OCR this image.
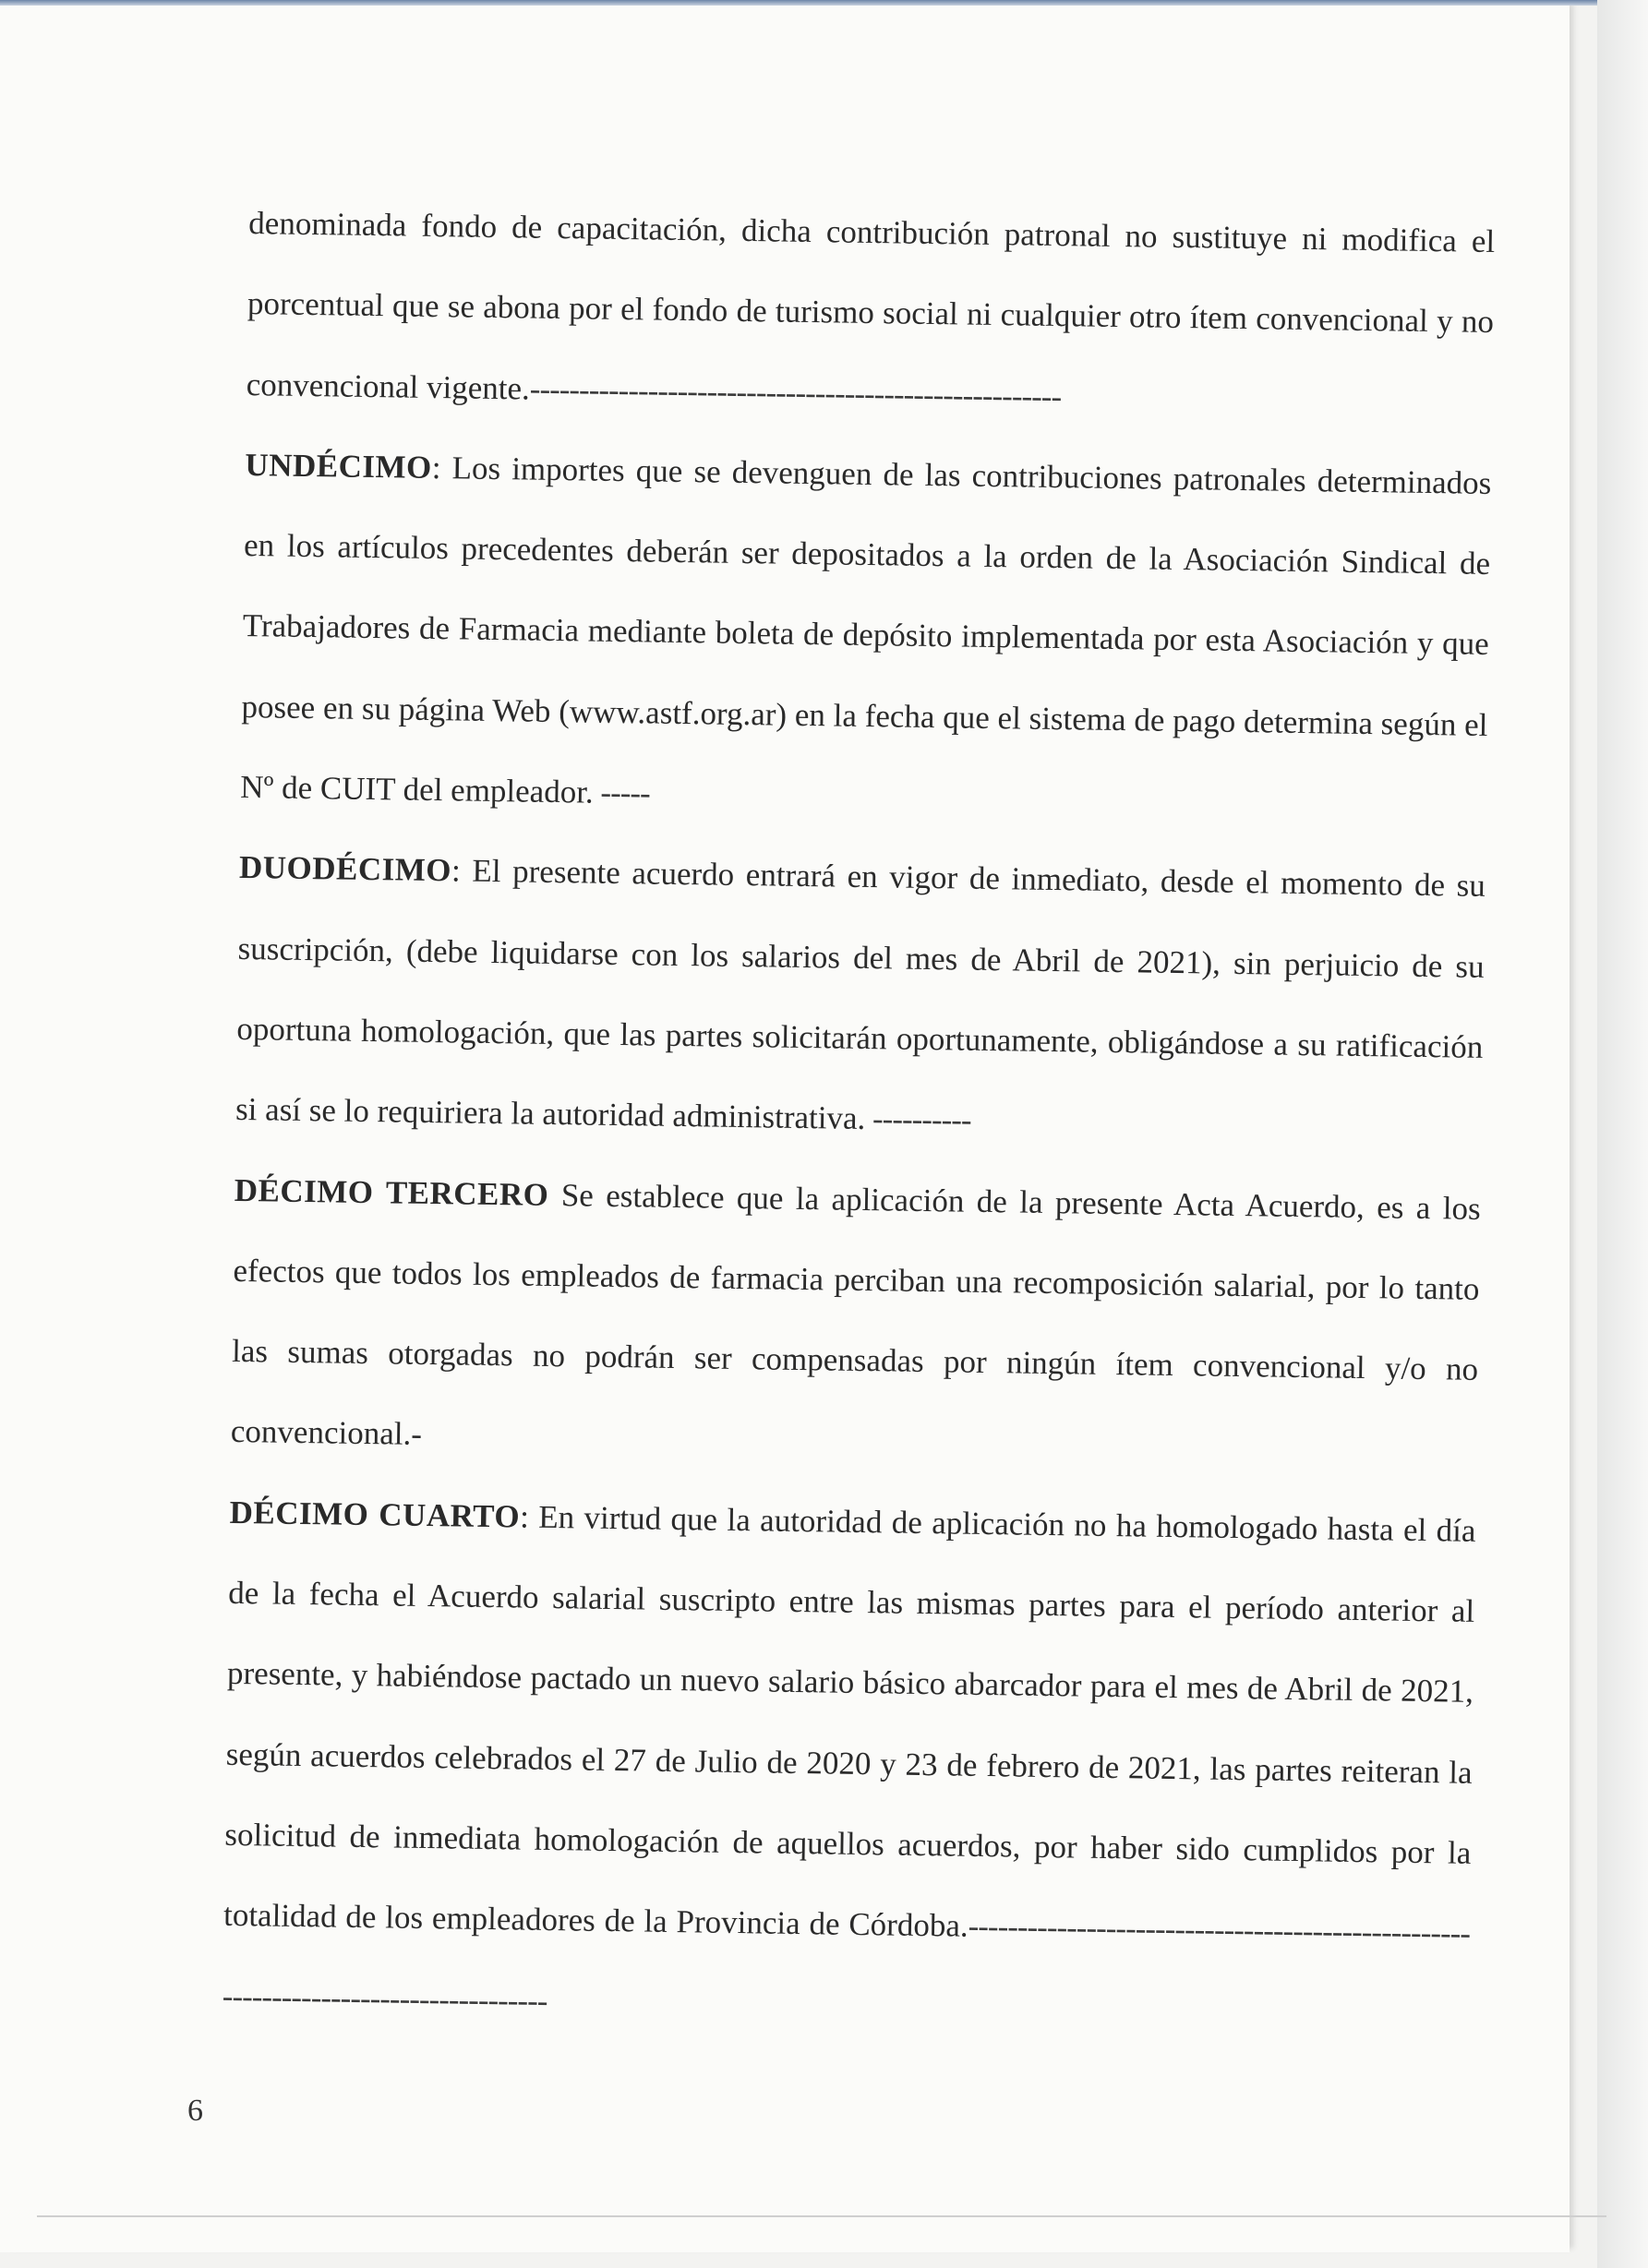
denominada fondo de capacitación, dicha contribución patronal no sustituye ni modifica el porcentual que se abona por el fondo de turismo social ni cualquier otro ítem convencional y no convencional vigente.------------------------------------------------------

UNDÉCIMO: Los importes que se devenguen de las contribuciones patronales determinados en los artículos precedentes deberán ser depositados a la orden de la Asociación Sindical de Trabajadores de Farmacia mediante boleta de depósito implementada por esta Asociación y que posee en su página Web (www.astf.org.ar) en la fecha que el sistema de pago determina según el Nº de CUIT del empleador. -----

DUODÉCIMO: El presente acuerdo entrará en vigor de inmediato, desde el momento de su suscripción, (debe liquidarse con los salarios del mes de Abril de 2021), sin perjuicio de su oportuna homologación, que las partes solicitarán oportunamente, obligándose a su ratificación si así se lo requiriera la autoridad administrativa. ----------

DÉCIMO TERCERO Se establece que la aplicación de la presente Acta Acuerdo, es a los efectos que todos los empleados de farmacia perciban una recomposición salarial, por lo tanto las sumas otorgadas no podrán ser compensadas por ningún ítem convencional y/o no convencional.-

DÉCIMO CUARTO: En virtud que la autoridad de aplicación no ha homologado hasta el día de la fecha el Acuerdo salarial suscripto entre las mismas partes para el período anterior al presente, y habiéndose pactado un nuevo salario básico abarcador para el mes de Abril de 2021, según acuerdos celebrados el 27 de Julio de 2020 y 23 de febrero de 2021, las partes reiteran la solicitud de inmediata homologación de aquellos acuerdos, por haber sido cumplidos por la totalidad de los empleadores de la Provincia de Córdoba.------------------------------------------------------------------------------------

6
